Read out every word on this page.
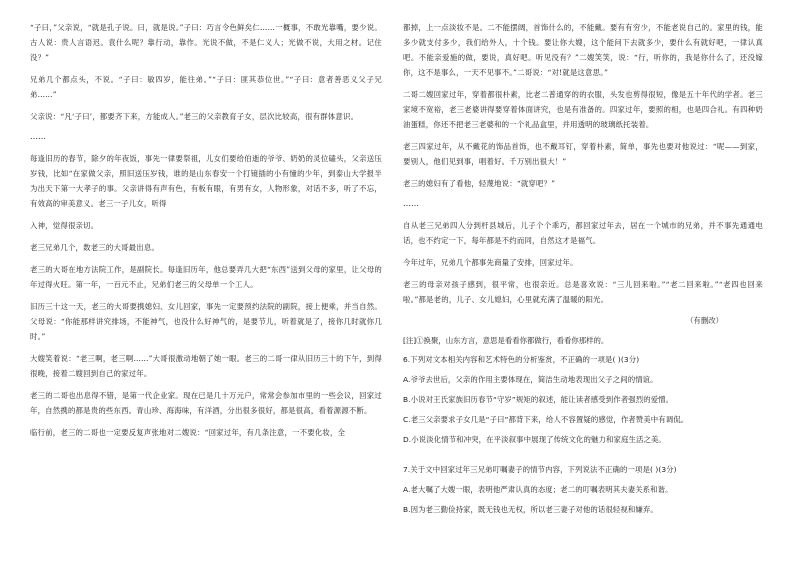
“子曰，”父亲说，“就是孔子说。曰，就是说。”子曰：巧言令色鲜矣仁……一概事，不敢光靠嘴，要少说。古人说：贵人言语迟。袁什么呢？靠行动，靠作。光说不做，不是仁义人；光做不说，大用之材。记住没？”

兄弟几个都点头，不说。“子曰：敏四岁，能往弟。”“子曰：匪其恭位世。”“子曰：意者善恶义父子兄弟……”

父亲说：“凡‘子曰’，都要齐下来，方能成人。”老三的父亲教育子女，层次比较高，很有群体意识。

……

每逢旧历的春节，除夕的年夜饭，事先一律要祭祖，儿女们要给伯逝的爷爷、奶奶的灵位磕头，父亲送压岁钱，比如“在家做父亲，照旧送压岁钱，谁的是山东春安一个打镜插的小有憧的少年，到泰山大学报半为出天下第一大孝子的事。父亲讲得有声有色，有板有眼，有男有女，人物形象，对话不多，听了不忘，有效高的审美意义。老三一子儿女，听得

入神，觉得很亲切。

老三兄弟几个，数老三的大哥最出息。

老三的大哥在地方法院工作，是副院长。每逢旧历年，他总要弄几大把“东西”送到父母的家里，让父母的年过得火旺。第一年，一百元不止，兄弟们老三的父母单一个工人。

旧历三十这一天，老三的大哥要携媳妇、女儿回家，事先一定要预约法院的副院，接上便乘，并当自然。父母说：“你能那样讲究排场，不能神气，也没什么好神气的，是要节儿，听着就是了，接你几时就你几时。”

大嫂笑着说：“老三啊，老三啊……”大哥很激动地朝了她一眼。老三的二哥一律从旧历三十的下午，到得很晚，接着二嫂回到自己的家过年。

老三的二哥也出息得不错，是第一代企业家。现在已是几十万元户，常常会参加市里的一些会议，回家过年，自然携的都是贵的些东西。青山珍、海海味，有洋酒，分出很多很好，都是很高，看着源源不断。

临行前，老三的二哥也一定要反复声张地对二嫂说：“回家过年，有几条注意，一不要化妆，全

都掉，上一点淡妆不是。二不能摆阔，首饰什么的，不能戴。要有有穷少，不能老说自己的。家里的钱，能多少就支付多少，我们给外人，十个钱。要让你大嫂，这个能问下去就多少，要什么有就好吧，一律认真吧。不能亲爱施的做，要说，真好吧。听见没有？”二嫂笑笑，说：“行，听你的，我是你什么了，还没嫁你，这不是事么，一天不见事不。”二哥说：“对!就是这意思。”

二哥二嫂回家过年，穿着都很朴素，比老二普通穿的的衣服，头发也剪得很短，像是五十年代的学者。老三家境不宽裕，老三老婆讲得要穿着体面讲究，也是有准备的。四家过年，要照的相，也是四合礼。有四种奶油蛋糕，你还不把老三老婆和的一个礼品盒里，并用透明的玻璃纸托装着。

老三四家过年，从不戴花的饰品首饰，也不戴耳钉，穿着朴素，简单，事先也要对他说过：“呢——到家，要别人，他们见到事，唱着好。千万别出很大！”

老三的媳妇有了看他，轻蔑地说：“就穿吧？”

……

自从老三兄弟四人分到杆县城后，儿子个个乖巧，都回家过年去，居在一个城市的兄弟，并不事先通通电话，也不约定一下，每年都是不约而同，自然这才是福气。

今年过年，兄弟几个都事先商量了安排，回家过年。

老三的母亲对孩子感到，很平常，也很亲近。总是喜欢说：“三儿回来啦。”“老二回来啦。”“老四也回来啦。”都是老的，儿子、女儿媳妇，心里就充满了温暖的阳光。

（有删改）

[注]①换聚，山东方言，意思是看看你都做行，看看你那样的。

6.下列对文本相关内容和艺术特色的分析鉴赏，不正确的一项是( )(3分)

A.爷爷去世后，父亲的作用主要体现在，简洁生动地表现出父子之间的情谊。

B.小说对王氏家族旧历春节“守岁”规矩的叙述，能让读者感受到作者强烈的爱憎。

C.老三父亲要求子女几是“子曰”都背下来，给人不容置疑的感觉，作者赞美中有调侃。

D.小说淡化情节和冲突，在平淡叙事中展现了传统文化的魅力和家庭生活之美。

7.关于文中回家过年三兄弟叮嘱妻子的情节内容，下列说法不正确的一项是( )(3分)

A.老大嘱了大嫂一眼，表明他严肃认真的态度；老二的叮嘱表明其夫妻关系和谐。

B.因为老三勤俭持家，既无钱也无权，所以老三妻子对他的话很轻视和嫌弃。
